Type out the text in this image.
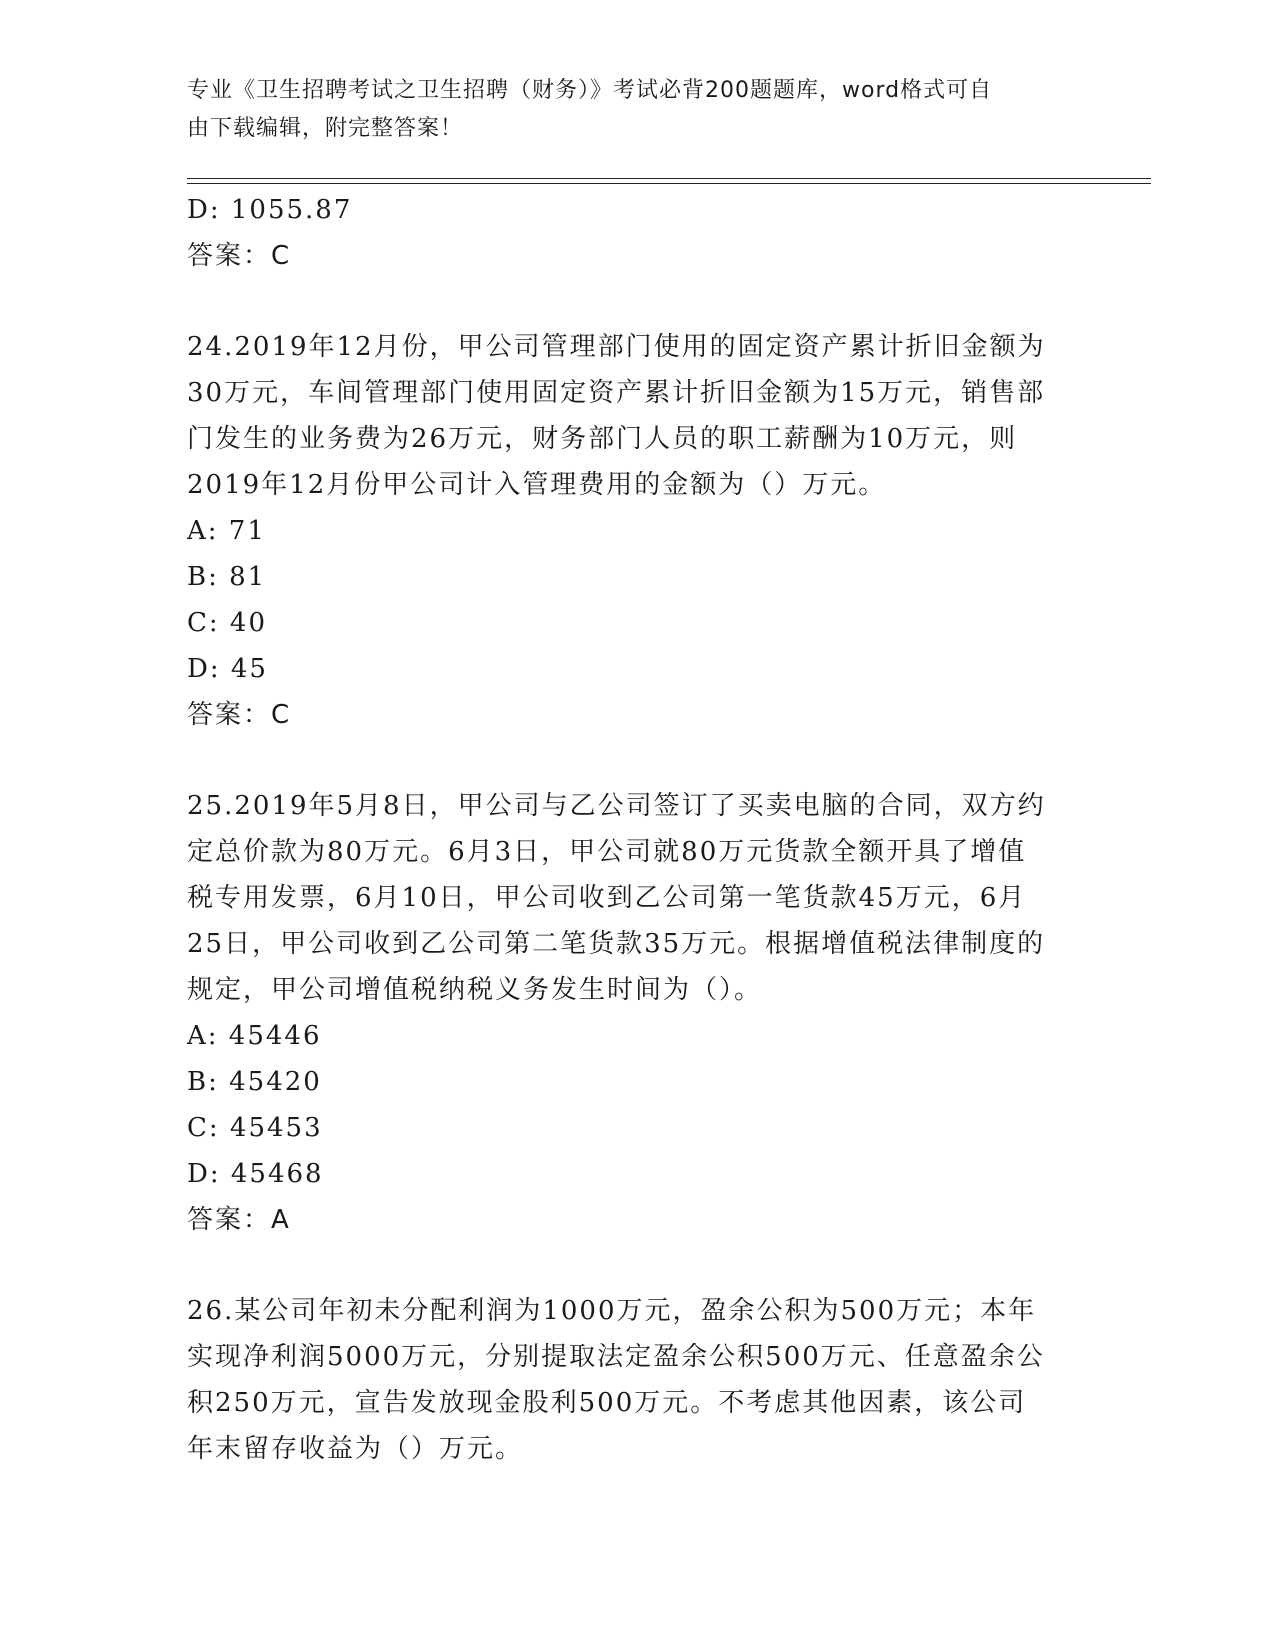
专业《卫生招聘考试之卫生招聘（财务）》考试必背200题题库，word格式可自
由下载编辑，附完整答案！
D: 1055.87
答案：C
24.2019年12月份，甲公司管理部门使用的固定资产累计折旧金额为
30万元，车间管理部门使用固定资产累计折旧金额为15万元，销售部
门发生的业务费为26万元，财务部门人员的职工薪酬为10万元，则
2019年12月份甲公司计入管理费用的金额为（）万元。
A: 71
B: 81
C: 40
D: 45
答案：C
25.2019年5月8日，甲公司与乙公司签订了买卖电脑的合同，双方约
定总价款为80万元。6月3日，甲公司就80万元货款全额开具了增值
税专用发票，6月10日，甲公司收到乙公司第一笔货款45万元，6月
25日，甲公司收到乙公司第二笔货款35万元。根据增值税法律制度的
规定，甲公司增值税纳税义务发生时间为（）。
A: 45446
B: 45420
C: 45453
D: 45468
答案：A
26.某公司年初未分配利润为1000万元，盈余公积为500万元；本年
实现净利润5000万元，分别提取法定盈余公积500万元、任意盈余公
积250万元，宣告发放现金股利500万元。不考虑其他因素，该公司
年末留存收益为（）万元。
